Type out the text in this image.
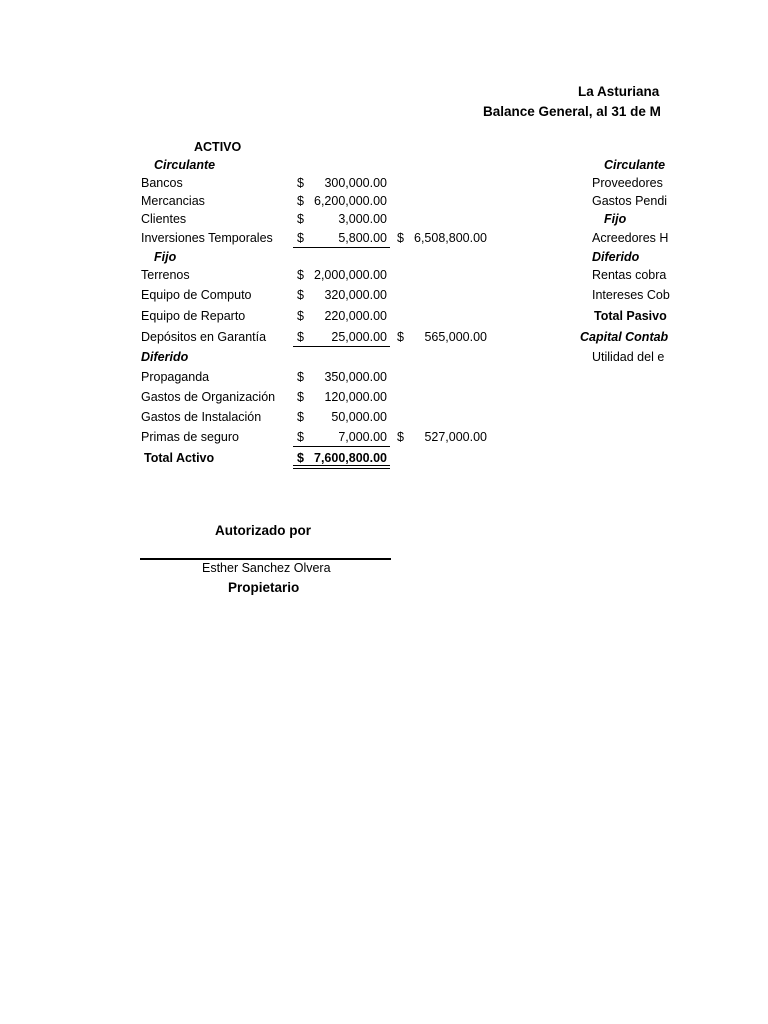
La Asturiana
Balance General, al 31 de M
ACTIVO
Circulante
Bancos	$	300,000.00
Mercancias	$ 6,200,000.00
Clientes	$	3,000.00
Inversiones Temporales $	5,800.00 $ 6,508,800.00
Fijo
Terrenos	$ 2,000,000.00
Equipo de Computo	$	320,000.00
Equipo de Reparto	$	220,000.00
Depósitos en Garantía $	25,000.00 $	565,000.00
Diferido
Propaganda	$	350,000.00
Gastos de Organización $	120,000.00
Gastos de Instalación	$	50,000.00
Primas de seguro	$	7,000.00 $	527,000.00
Total Activo	$ 7,600,800.00
Circulante
Proveedores
Gastos Pendi
Fijo
Acreedores H
Diferido
Rentas cobra
Intereses Cob
Total Pasivo
Capital Contab
Utilidad del e
Autorizado por
Esther Sanchez Olvera
Propietario
